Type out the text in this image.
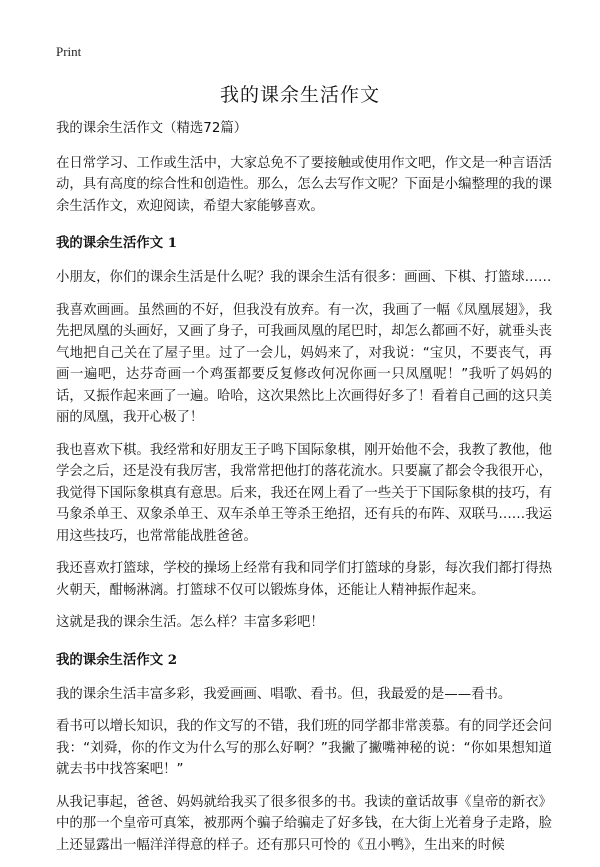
Print
我的课余生活作文

我的课余生活作文（精选72篇）

在日常学习、工作或生活中，大家总免不了要接触或使用作文吧，作文是一种言语活动，具有高度的综合性和创造性。那么，怎么去写作文呢？下面是小编整理的我的课余生活作文，欢迎阅读，希望大家能够喜欢。

我的课余生活作文 1

小朋友，你们的课余生活是什么呢？我的课余生活有很多：画画、下棋、打篮球……

我喜欢画画。虽然画的不好，但我没有放弃。有一次，我画了一幅《凤凰展翅》，我先把凤凰的头画好，又画了身子，可我画凤凰的尾巴时，却怎么都画不好，就垂头丧气地把自己关在了屋子里。过了一会儿，妈妈来了，对我说：“宝贝，不要丧气，再画一遍吧，达芬奇画一个鸡蛋都要反复修改何况你画一只凤凰呢！”我听了妈妈的话，又振作起来画了一遍。哈哈，这次果然比上次画得好多了！看着自己画的这只美丽的凤凰，我开心极了！

我也喜欢下棋。我经常和好朋友王子鸣下国际象棋，刚开始他不会，我教了教他，他学会之后，还是没有我厉害，我常常把他打的落花流水。只要赢了都会令我很开心，我觉得下国际象棋真有意思。后来，我还在网上看了一些关于下国际象棋的技巧，有马象杀单王、双象杀单王、双车杀单王等杀王绝招，还有兵的布阵、双联马……我运用这些技巧，也常常能战胜爸爸。

我还喜欢打篮球，学校的操场上经常有我和同学们打篮球的身影，每次我们都打得热火朝天，酣畅淋漓。打篮球不仅可以锻炼身体，还能让人精神振作起来。

这就是我的课余生活。怎么样？丰富多彩吧！

我的课余生活作文 2

我的课余生活丰富多彩，我爱画画、唱歌、看书。但，我最爱的是——看书。

看书可以增长知识，我的作文写的不错，我们班的同学都非常羡慕。有的同学还会问我：“刘舜，你的作文为什么写的那么好啊？”我撇了撇嘴神秘的说：“你如果想知道就去书中找答案吧！”

从我记事起，爸爸、妈妈就给我买了很多很多的书。我读的童话故事《皇帝的新衣》中的那一个皇帝可真笨，被那两个骗子给骗走了好多钱，在大街上光着身子走路，脸上还显露出一幅洋洋得意的样子。还有那只可怜的《丑小鸭》，生出来的时候
